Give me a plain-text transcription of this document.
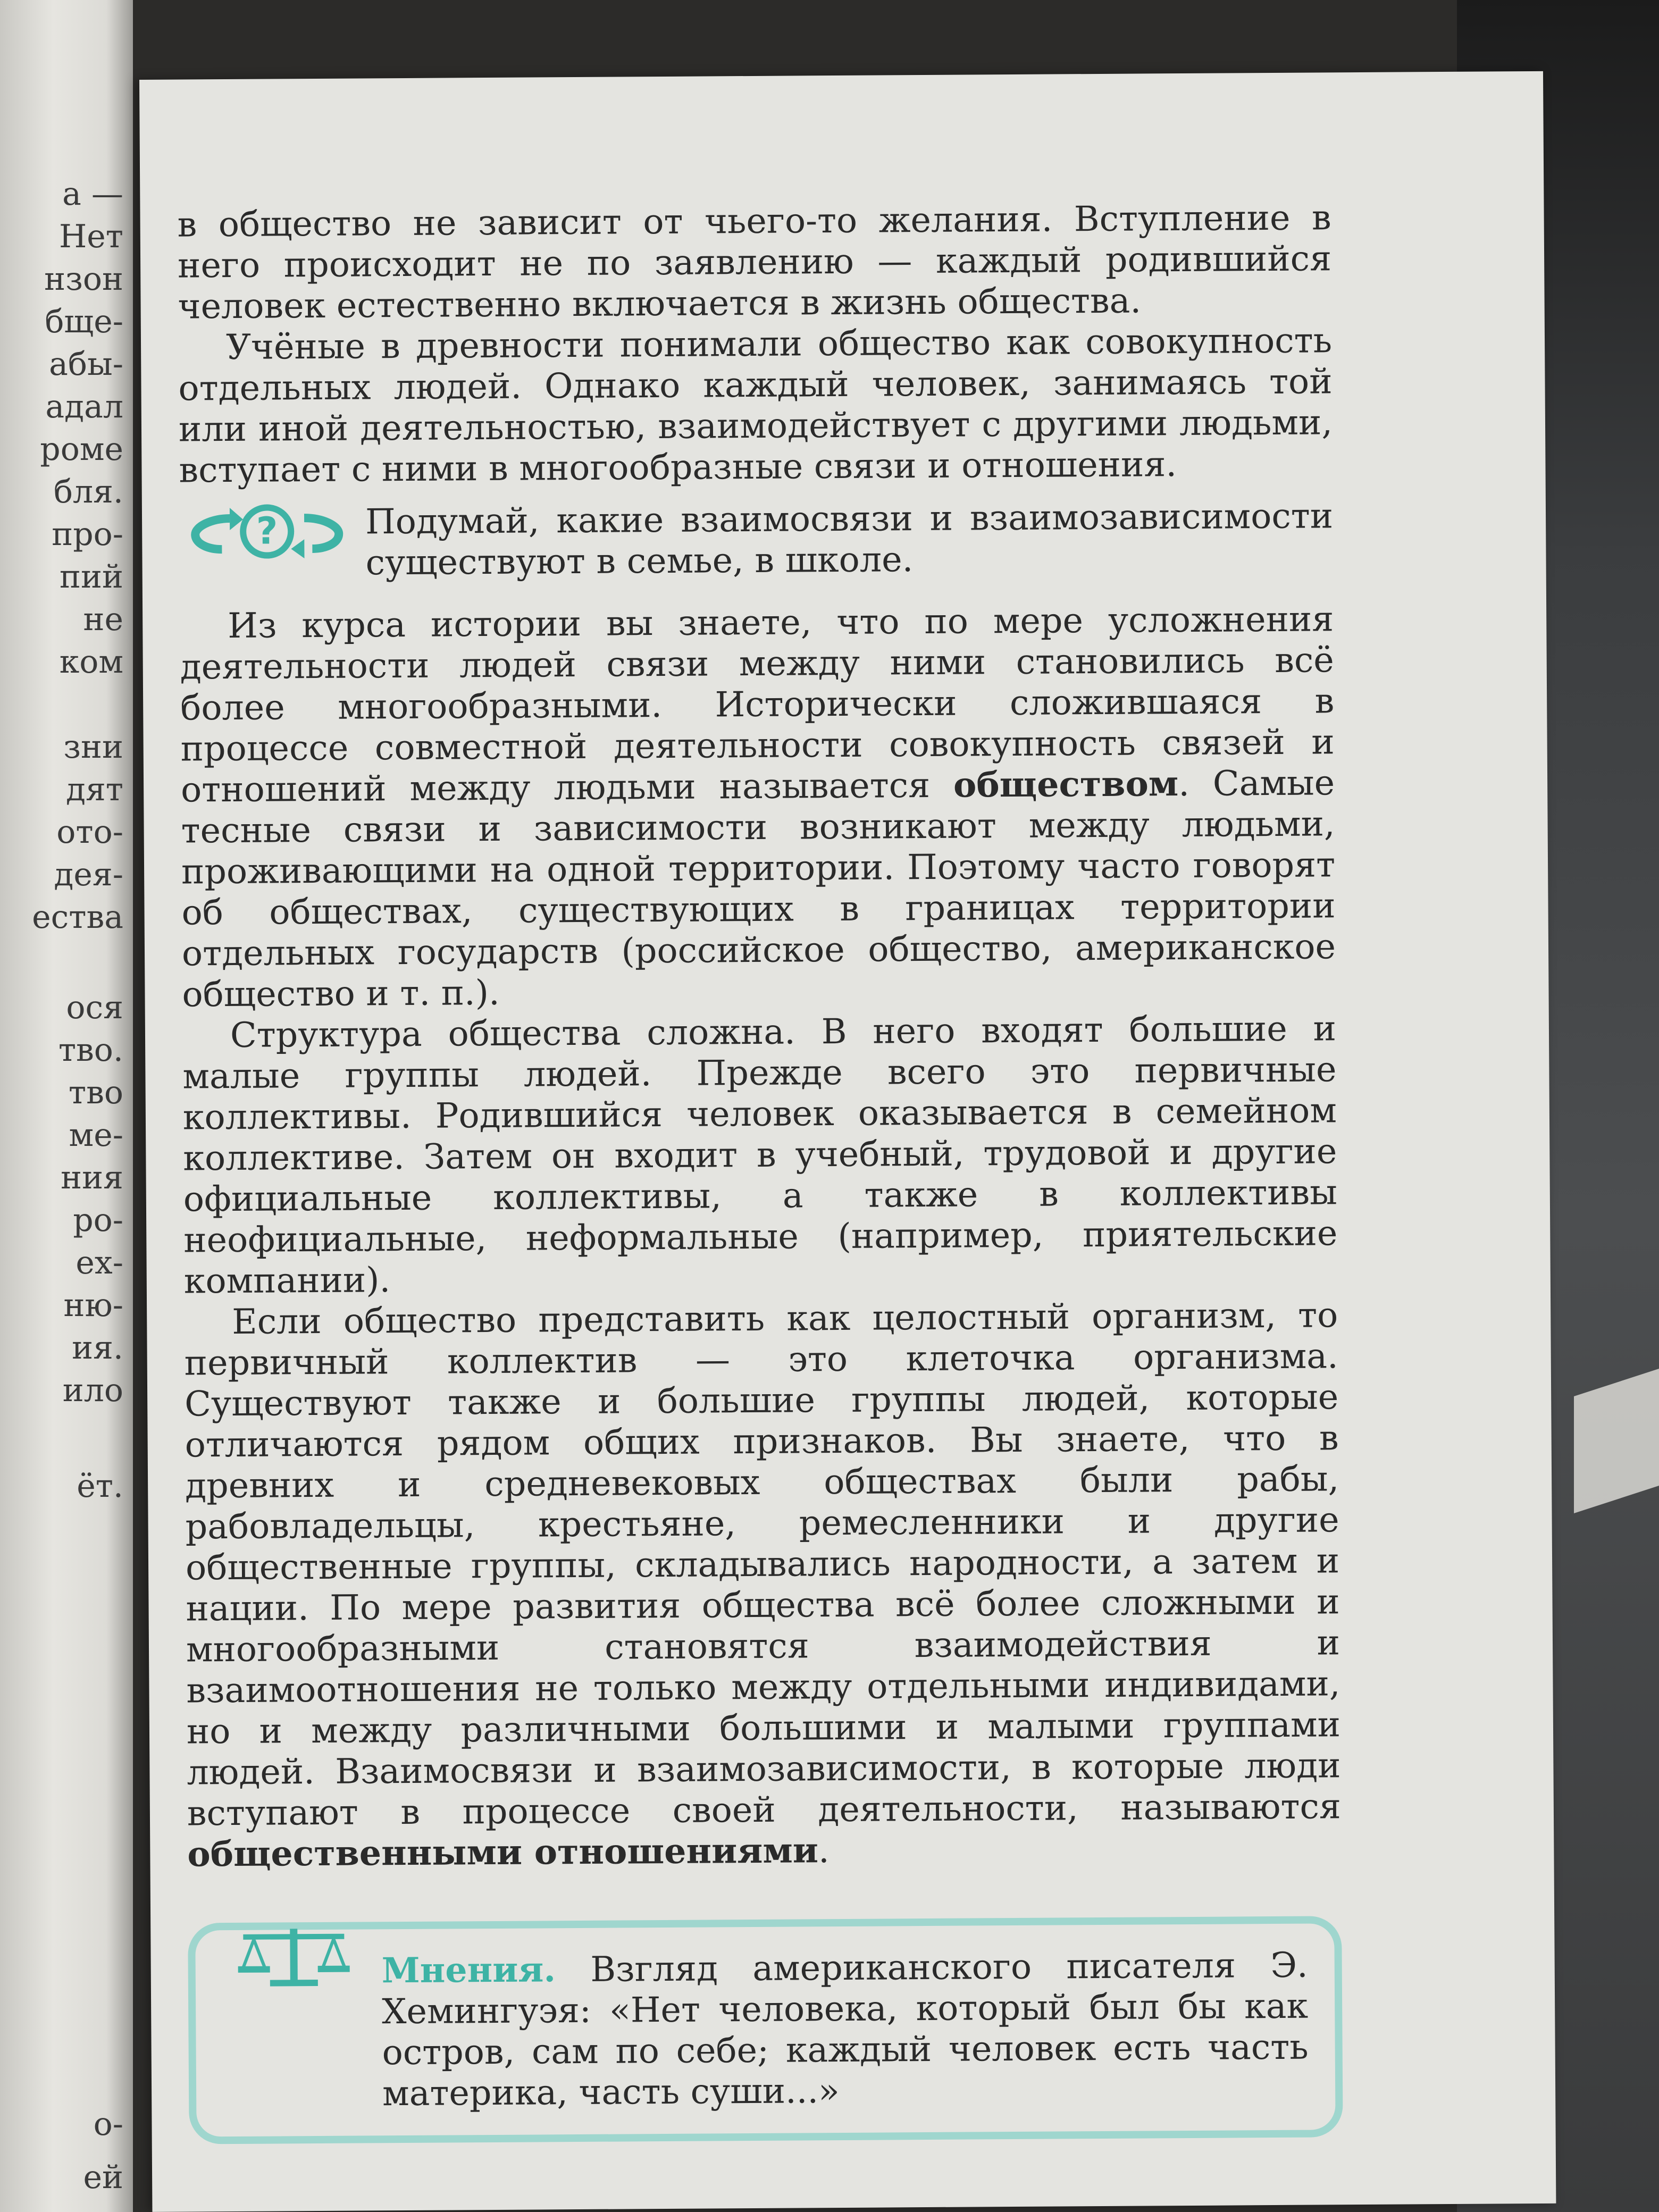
а —
Нет
нзон
бще-
абы-
адал
роме
бля.
про-
пий
не
ком
зни
дят
ото-
дея-
ества
ося
тво.
тво
ме-
ния
ро-
ех-
ню-
ия.
ило
ёт.
о-
ей

в общество не зависит от чьего-то желания. Вступление в него происходит не по заявлению — каждый родившийся человек естественно включается в жизнь общества.

Учёные в древности понимали общество как совокупность отдельных людей. Однако каждый человек, занимаясь той или иной деятельностью, взаимодействует с другими людьми, вступает с ними в многообразные связи и отношения.

?	Подумай, какие взаимосвязи и взаимозависимости существуют в семье, в школе.

Из курса истории вы знаете, что по мере усложнения деятельности людей связи между ними становились всё более многообразными. Исторически сложившаяся в процессе совместной деятельности совокупность связей и отношений между людьми называется обществом. Самые тесные связи и зависимости возникают между людьми, проживающими на одной территории. Поэтому часто говорят об обществах, существующих в границах территории отдельных государств (российское общество, американское общество и т. п.).

Структура общества сложна. В него входят большие и малые группы людей. Прежде всего это первичные коллективы. Родившийся человек оказывается в семейном коллективе. Затем он входит в учебный, трудовой и другие официальные коллективы, а также в коллективы неофициальные, неформальные (например, приятельские компании).

Если общество представить как целостный организм, то первичный коллектив — это клеточка организма. Существуют также и большие группы людей, которые отличаются рядом общих признаков. Вы знаете, что в древних и средневековых обществах были рабы, рабовладельцы, крестьяне, ремесленники и другие общественные группы, складывались народности, а затем и нации. По мере развития общества всё более сложными и многообразными становятся взаимодействия и взаимоотношения не только между отдельными индивидами, но и между различными большими и малыми группами людей. Взаимосвязи и взаимозависимости, в которые люди вступают в процессе своей деятельности, называются общественными отношениями.

Мнения. Взгляд американского писателя Э. Хемингуэя: «Нет человека, который был бы как остров, сам по себе; каждый человек есть часть материка, часть суши...»
